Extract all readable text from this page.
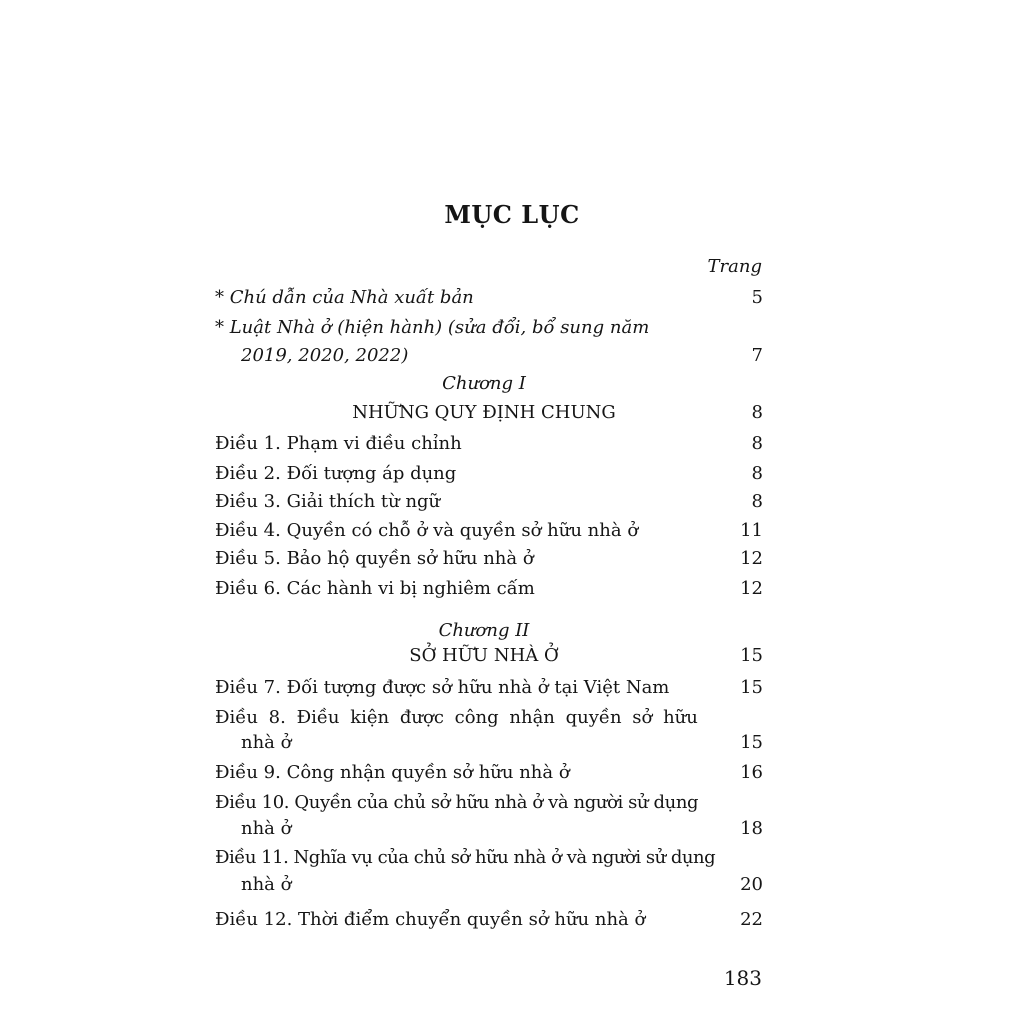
MỤC LỤC
Trang
* Chú dẫn của Nhà xuất bản	5
* Luật Nhà ở (hiện hành) (sửa đổi, bổ sung năm
2019, 2020, 2022)	7
Chương I
NHỮNG QUY ĐỊNH CHUNG	8
Điều 1. Phạm vi điều chỉnh	8
Điều 2. Đối tượng áp dụng	8
Điều 3. Giải thích từ ngữ	8
Điều 4. Quyền có chỗ ở và quyền sở hữu nhà ở	11
Điều 5. Bảo hộ quyền sở hữu nhà ở	12
Điều 6. Các hành vi bị nghiêm cấm	12
Chương II
SỞ HỮU NHÀ Ở	15
Điều 7. Đối tượng được sở hữu nhà ở tại Việt Nam	15
Điều 8. Điều kiện được công nhận quyền sở hữu
nhà ở	15
Điều 9. Công nhận quyền sở hữu nhà ở	16
Điều 10. Quyền của chủ sở hữu nhà ở và người sử dụng
nhà ở	18
Điều 11. Nghĩa vụ của chủ sở hữu nhà ở và người sử dụng
nhà ở	20
Điều 12. Thời điểm chuyển quyền sở hữu nhà ở	22
183
